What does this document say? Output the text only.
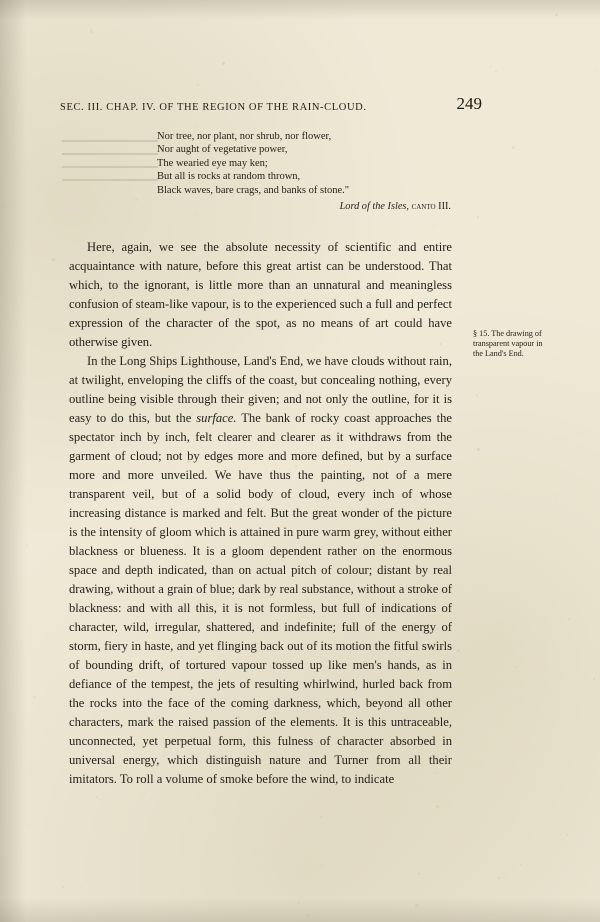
SEC. III. CHAP. IV. OF THE REGION OF THE RAIN-CLOUD.	249
Nor tree, nor plant, nor shrub, nor flower,
Nor aught of vegetative power,
The wearied eye may ken;
But all is rocks at random thrown,
Black waves, bare crags, and banks of stone."
Lord of the Isles, canto III.

Here, again, we see the absolute necessity of scientific and entire acquaintance with nature, before this great artist can be understood. That which, to the ignorant, is little more than an unnatural and meaningless confusion of steam-like vapour, is to the experienced such a full and perfect expression of the character of the spot, as no means of art could have otherwise given.

In the Long Ships Lighthouse, Land's End, we have clouds without rain, at twilight, enveloping the cliffs of the coast, but concealing nothing, every outline being visible through their given; and not only the outline, for it is easy to do this, but the surface. The bank of rocky coast approaches the spectator inch by inch, felt clearer and clearer as it withdraws from the garment of cloud; not by edges more and more defined, but by a surface more and more unveiled. We have thus the painting, not of a mere transparent veil, but of a solid body of cloud, every inch of whose increasing distance is marked and felt. But the great wonder of the picture is the intensity of gloom which is attained in pure warm grey, without either blackness or blueness. It is a gloom dependent rather on the enormous space and depth indicated, than on actual pitch of colour; distant by real drawing, without a grain of blue; dark by real substance, without a stroke of blackness: and with all this, it is not formless, but full of indications of character, wild, irregular, shattered, and indefinite; full of the energy of storm, fiery in haste, and yet flinging back out of its motion the fitful swirls of bounding drift, of tortured vapour tossed up like men's hands, as in defiance of the tempest, the jets of resulting whirlwind, hurled back from the rocks into the face of the coming darkness, which, beyond all other characters, mark the raised passion of the elements. It is this untraceable, unconnected, yet perpetual form, this fulness of character absorbed in universal energy, which distinguish nature and Turner from all their imitators. To roll a volume of smoke before the wind, to indicate

§ 15. The drawing of transparent vapour in the Land's End.
